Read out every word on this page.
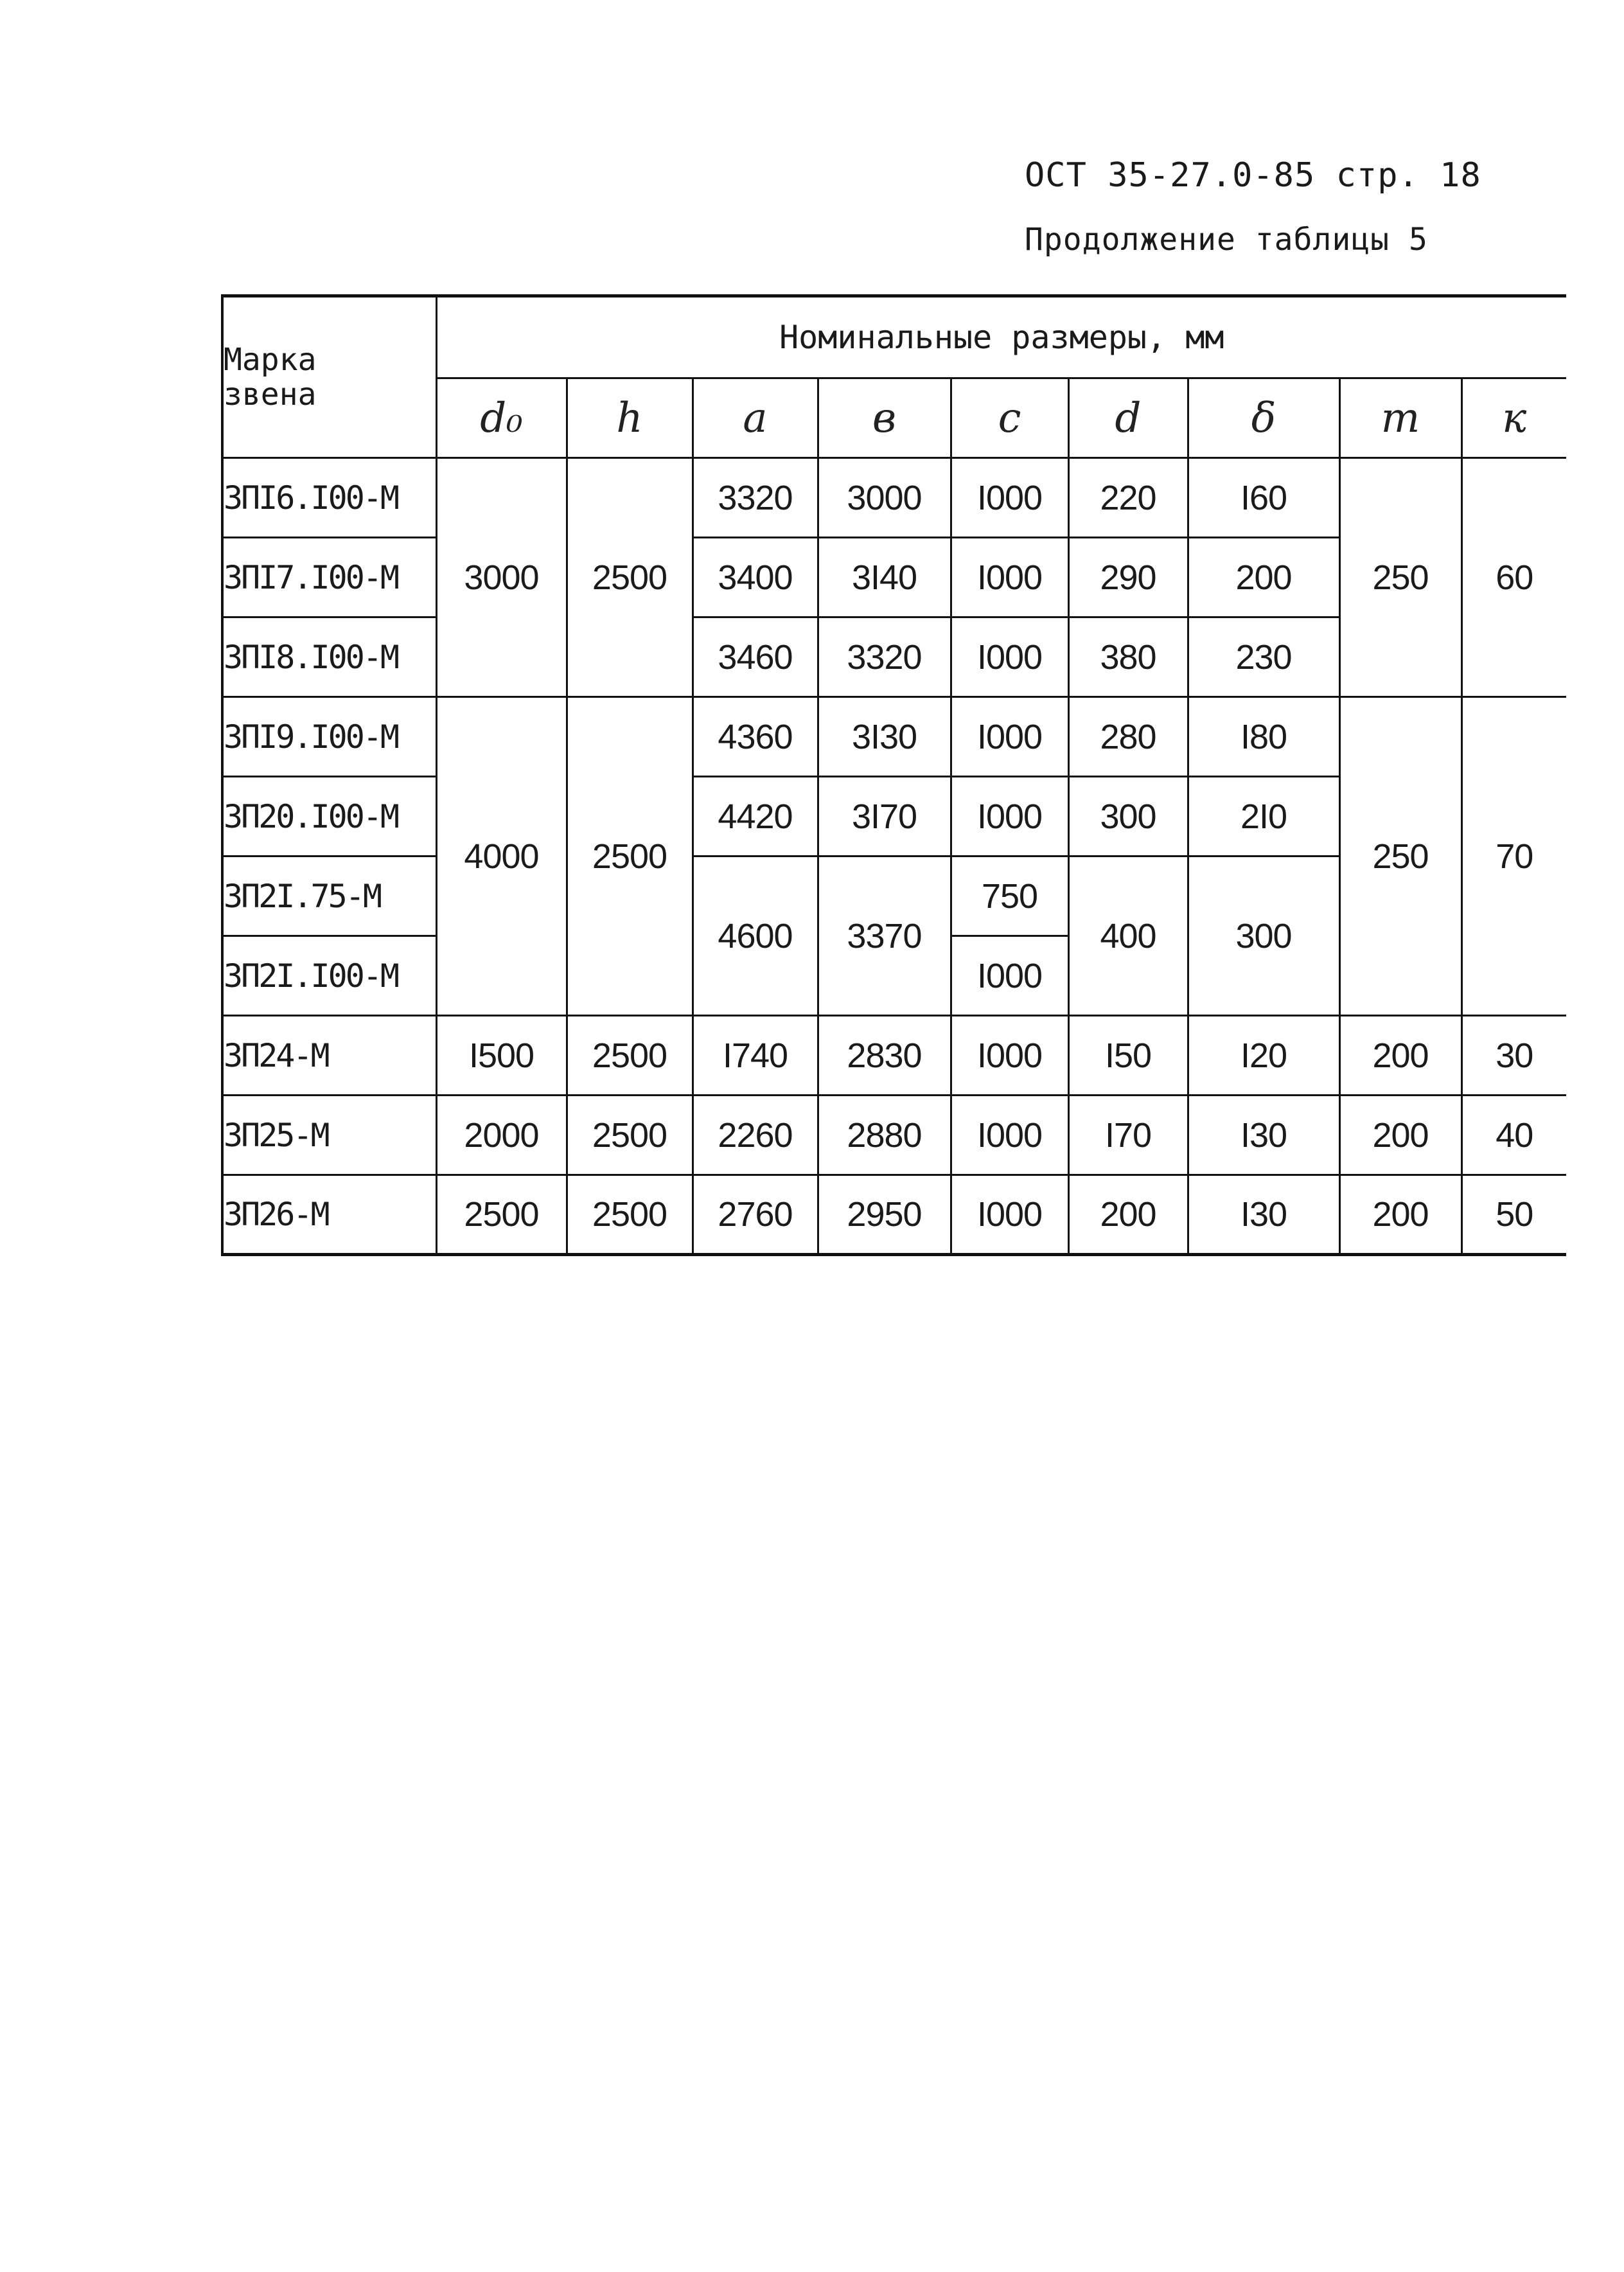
ОСТ 35-27.0-85 стр. 18
Продолжение таблицы 5
Марка
звена	Номинальные размеры, мм								
	d₀	h	a	в	c	d	δ	m	к
ЗПI6.I00-М	3000	2500	3320	3000	I000	220	I60	250	60
ЗПI7.I00-М			3400	3I40	I000	290	200		
ЗПI8.I00-М			3460	3320	I000	380	230		
ЗПI9.I00-М	4000	2500	4360	3I30	I000	280	I80	250	70
ЗП20.I00-М			4420	3I70	I000	300	2I0		
ЗП2I.75-М			4600	3370	750	400	300		
ЗП2I.I00-М					I000				
ЗП24-М	I500	2500	I740	2830	I000	I50	I20	200	30
ЗП25-М	2000	2500	2260	2880	I000	I70	I30	200	40
ЗП26-М	2500	2500	2760	2950	I000	200	I30	200	50
